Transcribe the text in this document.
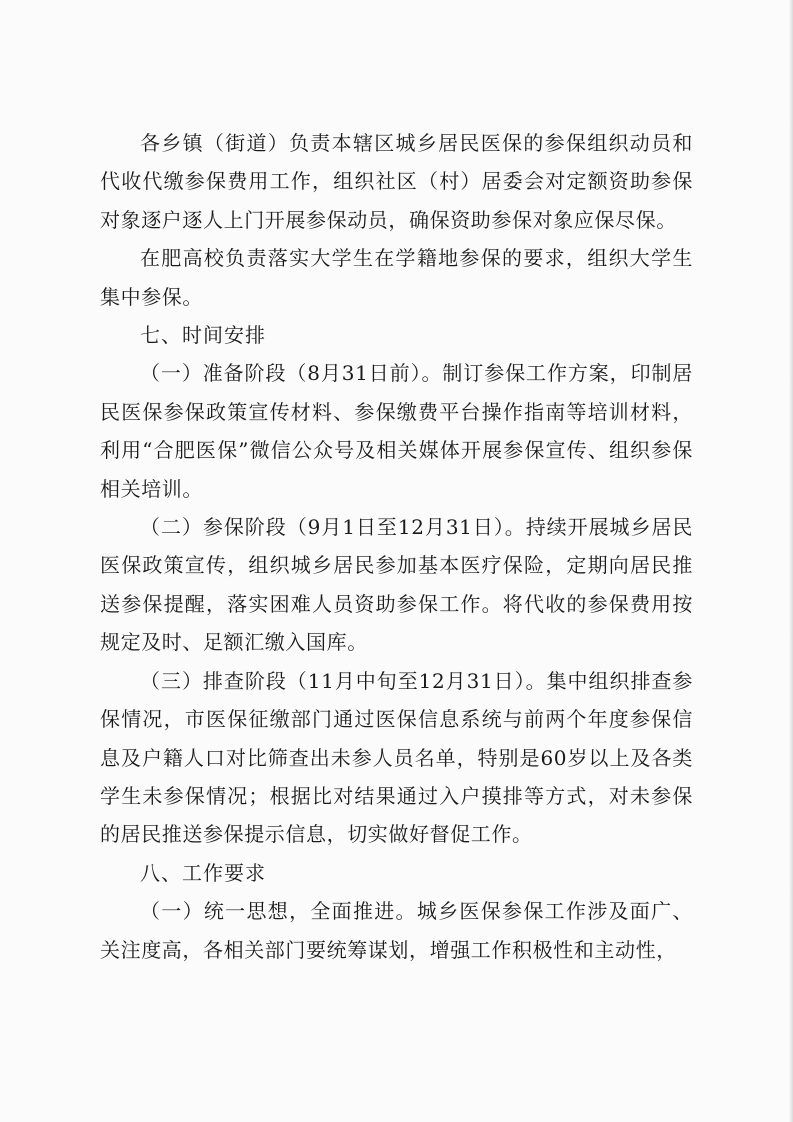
各乡镇（街道）负责本辖区城乡居民医保的参保组织动员和代收代缴参保费用工作，组织社区（村）居委会对定额资助参保对象逐户逐人上门开展参保动员，确保资助参保对象应保尽保。

在肥高校负责落实大学生在学籍地参保的要求，组织大学生集中参保。

七、时间安排

（一）准备阶段（8月31日前）。制订参保工作方案，印制居民医保参保政策宣传材料、参保缴费平台操作指南等培训材料，利用“合肥医保”微信公众号及相关媒体开展参保宣传、组织参保相关培训。

（二）参保阶段（9月1日至12月31日）。持续开展城乡居民医保政策宣传，组织城乡居民参加基本医疗保险，定期向居民推送参保提醒，落实困难人员资助参保工作。将代收的参保费用按规定及时、足额汇缴入国库。

（三）排查阶段（11月中旬至12月31日）。集中组织排查参保情况，市医保征缴部门通过医保信息系统与前两个年度参保信息及户籍人口对比筛查出未参人员名单，特别是60岁以上及各类学生未参保情况；根据比对结果通过入户摸排等方式，对未参保的居民推送参保提示信息，切实做好督促工作。

八、工作要求

（一）统一思想，全面推进。城乡医保参保工作涉及面广、关注度高，各相关部门要统筹谋划，增强工作积极性和主动性，
